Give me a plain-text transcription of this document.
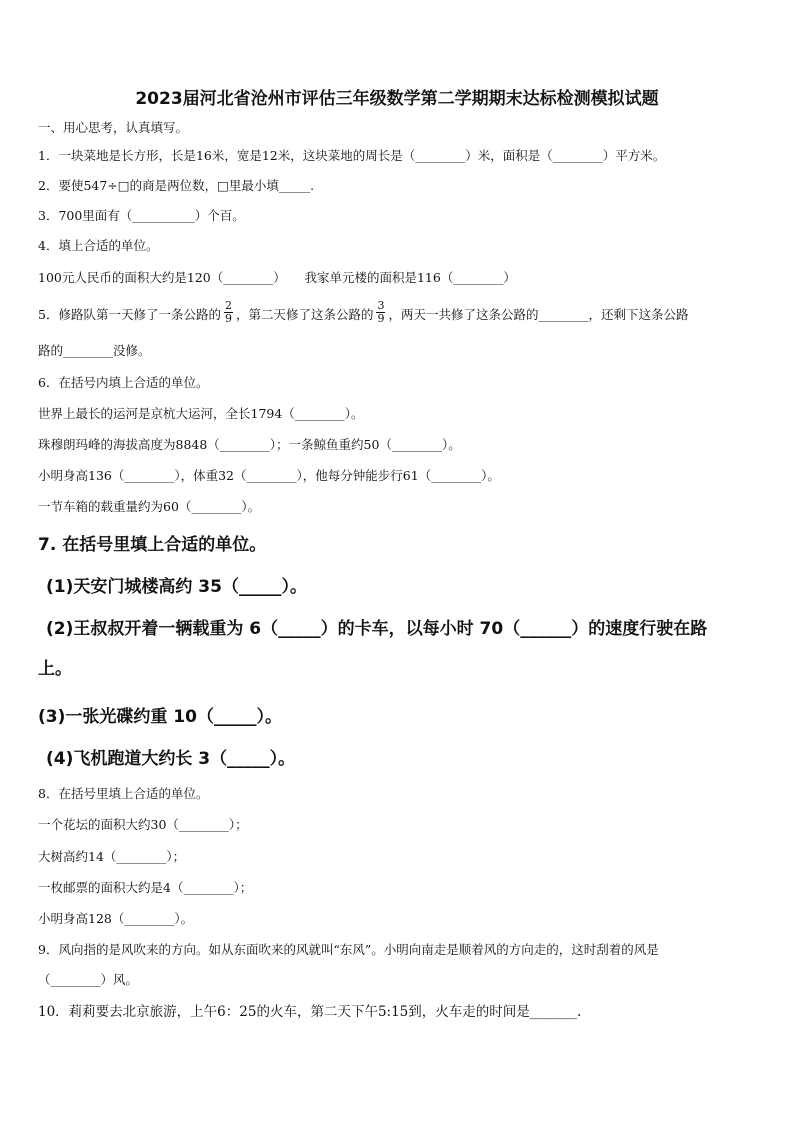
2023届河北省沧州市评估三年级数学第二学期期末达标检测模拟试题
一、用心思考，认真填写。
1．一块菜地是长方形，长是16米，宽是12米，这块菜地的周长是（________）米，面积是（________）平方米。
2．要使547÷□的商是两位数，□里最小填_____.
3．700里面有（__________）个百。
4．填上合适的单位。
100元人民币的面积大约是120（________）　　我家单元楼的面积是116（________）
5．修路队第一天修了一条公路的 $\frac{2}{9}$ ，第二天修了这条公路的 $\frac{3}{9}$ ，两天一共修了这条公路的________，还剩下这条公路
路的________没修。
6．在括号内填上合适的单位。
世界上最长的运河是京杭大运河，全长1794（________）。
珠穆朗玛峰的海拔高度为8848（________）；一条鲸鱼重约50（________）。
小明身高136（________），体重32（________），他每分钟能步行61（________）。
一节车箱的载重量约为60（________）。
7. 在括号里填上合适的单位。
(1)天安门城楼高约 35（_____）。
(2)王叔叔开着一辆载重为 6（_____）的卡车，以每小时 70（______）的速度行驶在路
上。
(3)一张光碟约重 10（_____）。
(4)飞机跑道大约长 3（_____）。
8．在括号里填上合适的单位。
一个花坛的面积大约30（________）；
大树高约14（________）；
一枚邮票的面积大约是4（________）；
小明身高128（________）。
9．风向指的是风吹来的方向。如从东面吹来的风就叫“东风”。小明向南走是顺着风的方向走的，这时刮着的风是
（________）风。
10．莉莉要去北京旅游，上午6：25的火车，第二天下午5:15到，火车走的时间是_______.
